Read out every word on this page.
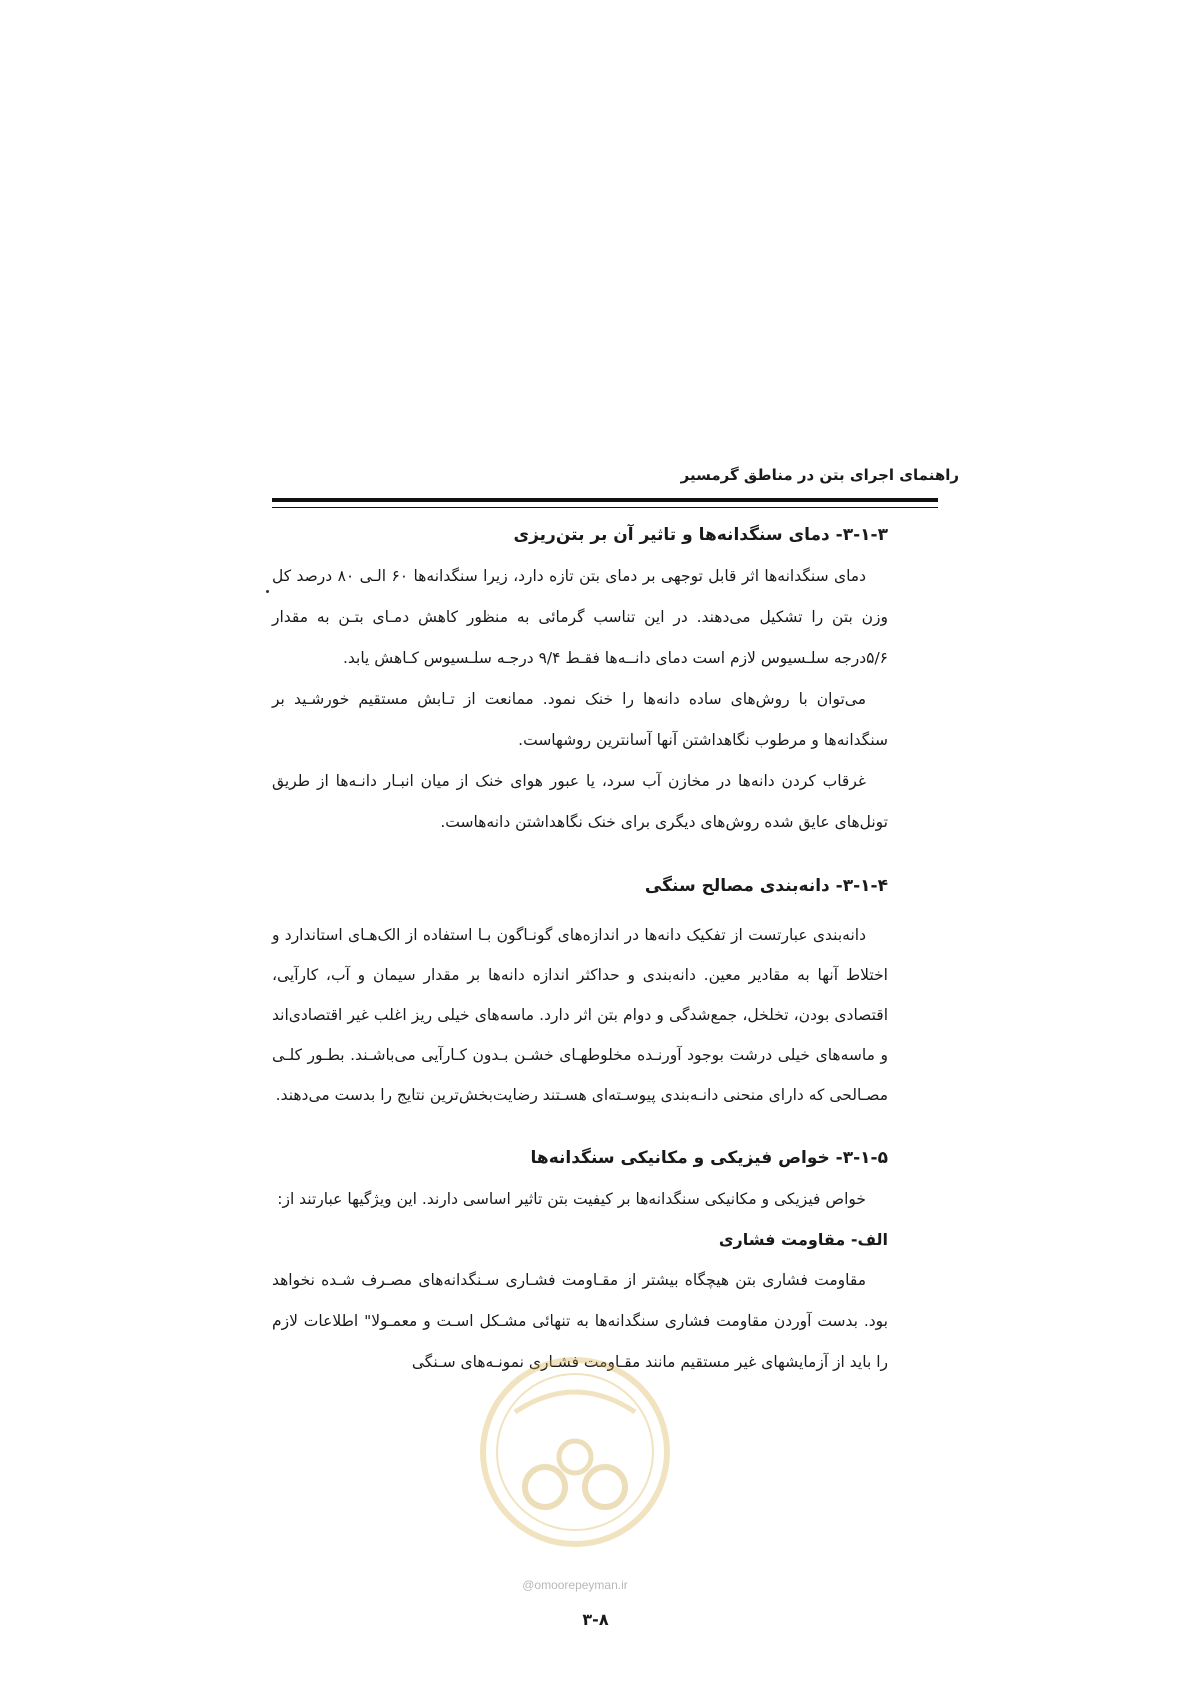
راهنمای اجرای بتن در مناطق گرمسیر
۳-۱-۳- دمای سنگدانه‌ها و تاثیر آن بر بتن‌ریزی

دمای سنگدانه‌ها اثر قابل توجهی بر دمای بتن تازه دارد، زیرا سنگدانه‌ها ۶۰ الـی ۸۰ درصد کل وزن بتن را تشکیل می‌دهند. در این تناسب گرمائی به منظور کاهش دمـای بتـن به مقدار ۵/۶درجه سلـسیوس لازم است دمای دانــه‌ها فقـط ۹/۴ درجـه سلـسیوس کـاهش یابد.

می‌توان با روش‌های ساده دانه‌ها را خنک نمود. ممانعت از تـابش مستقیم خورشـید بر سنگدانه‌ها و مرطوب نگاهداشتن آنها آسانترین روشهاست.

غرقاب کردن دانه‌ها در مخازن آب سرد، یا عبور هوای خنک از میان انبـار دانـه‌ها از طریق تونل‌های عایق شده روش‌های دیگری برای خنک نگاهداشتن دانه‌هاست.

۳-۱-۴- دانه‌بندی مصالح سنگی

دانه‌بندی عبارتست از تفکیک دانه‌ها در اندازه‌های گونـاگون بـا استفاده از الک‌هـای استاندارد و اختلاط آنها به مقادیر معین. دانه‌بندی و حداکثر اندازه دانه‌ها بر مقدار سیمان و آب، کارآیی، اقتصادی بودن، تخلخل، جمع‌شدگی و دوام بتن اثر دارد. ماسه‌های خیلی ریز اغلب غیر اقتصادی‌اند و ماسه‌های خیلی درشت بوجود آورنـده مخلوطهـای خشـن بـدون کـارآیی می‌باشـند. بطـور کلـی مصـالحی که دارای منحنی دانـه‌بندی پیوسـته‌ای هسـتند رضایت‌بخش‌ترین نتایج را بدست می‌دهند.

۳-۱-۵- خواص فیزیکی و مکانیکی سنگدانه‌ها

خواص فیزیکی و مکانیکی سنگدانه‌ها بر کیفیت بتن تاثیر اساسی دارند. این ویژگیها عبارتند از:

الف- مقاومت فشاری

مقاومت فشاری بتن هیچگاه بیشتر از مقـاومت فشـاری سـنگدانه‌های مصـرف شـده نخواهد بود. بدست آوردن مقاومت فشاری سنگدانه‌ها به تنهائی مشـکل اسـت و معمـولا" اطلاعات لازم را باید از آزمایشهای غیر مستقیم مانند مقـاومت فشـاری نمونـه‌های سـنگی

@omoorepeyman.ir
۳-۸
